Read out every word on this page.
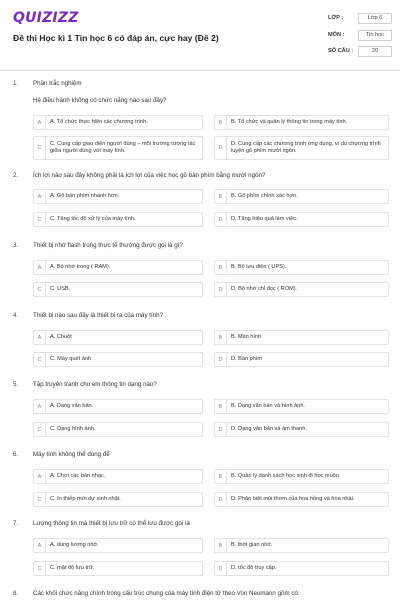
QUIZIZZ
Đề thi Học kì 1 Tin học 6 có đáp án, cực hay (Đề 2)
LỚP :	Lớp 6
MÔN :	Tin học
SỐ CÂU :	20
1. Phần trắc nghiệm
Hệ điều hành không có chức năng nào sau đây?
A	A. Tổ chức thực hiện các chương trình.	B	B. Tổ chức và quản lý thông tin trong máy tính.
C
C. Cung cấp giao diện người dùng – môi trường tương tác giữa người dùng với máy tính.	D
D. Cung cấp các chương trình ứng dụng, ví dụ chương trình luyện gõ phím mười ngón.
2. Ích lợi nào sau đây không phải là ích lợi của việc học gõ bàn phím bằng mười ngón?
A	A. Gõ bàn phím nhanh hơn.	B	B. Gõ phím chính xác hơn.
C	C. Tăng tốc độ xử lý của máy tính.	D	D. Tăng hiệu quả làm việc.
3. Thiết bị nhớ flash trong thực tế thường được gọi là gì?
A	A. Bộ nhớ trong ( RAM).	B	B. Bộ lưu điện ( UPS).
C	C. USB.	D	D. Bộ nhớ chỉ đọc ( ROM).
4. Thiết bị nào sau đây là thiết bị ra của máy tính?
A	A. Chuột	B	B. Màn hình
C	C. Máy quét ảnh	D	D. Bàn phím
5. Tập truyện tranh cho em thông tin dạng nào?
A	A. Dạng văn bản.	B	B. Dạng văn bản và hình ảnh.
C	C. Dạng hình ảnh.	D	D. Dạng văn bản và âm thanh.
6. Máy tính không thể dùng để
A	A. Chơi các bản nhạc.	B	B. Quản lý danh sách học sinh đi học muộn.
C	C. In thiếp mời dự sinh nhật.	D	D. Phân biệt mùi thơm của hoa hồng và hoa nhài.
7. Lượng thông tin mà thiết bị lưu trữ có thể lưu được gọi là
A	A. dung lượng nhớ.	B	B. thời gian nhớ.
C	C. mặt độ lưu trữ.	D	D. tốc độ truy cập.
8. Các khối chức năng chính trong cấu trúc chung của máy tính điện tử theo Von Neumann gồm có:
